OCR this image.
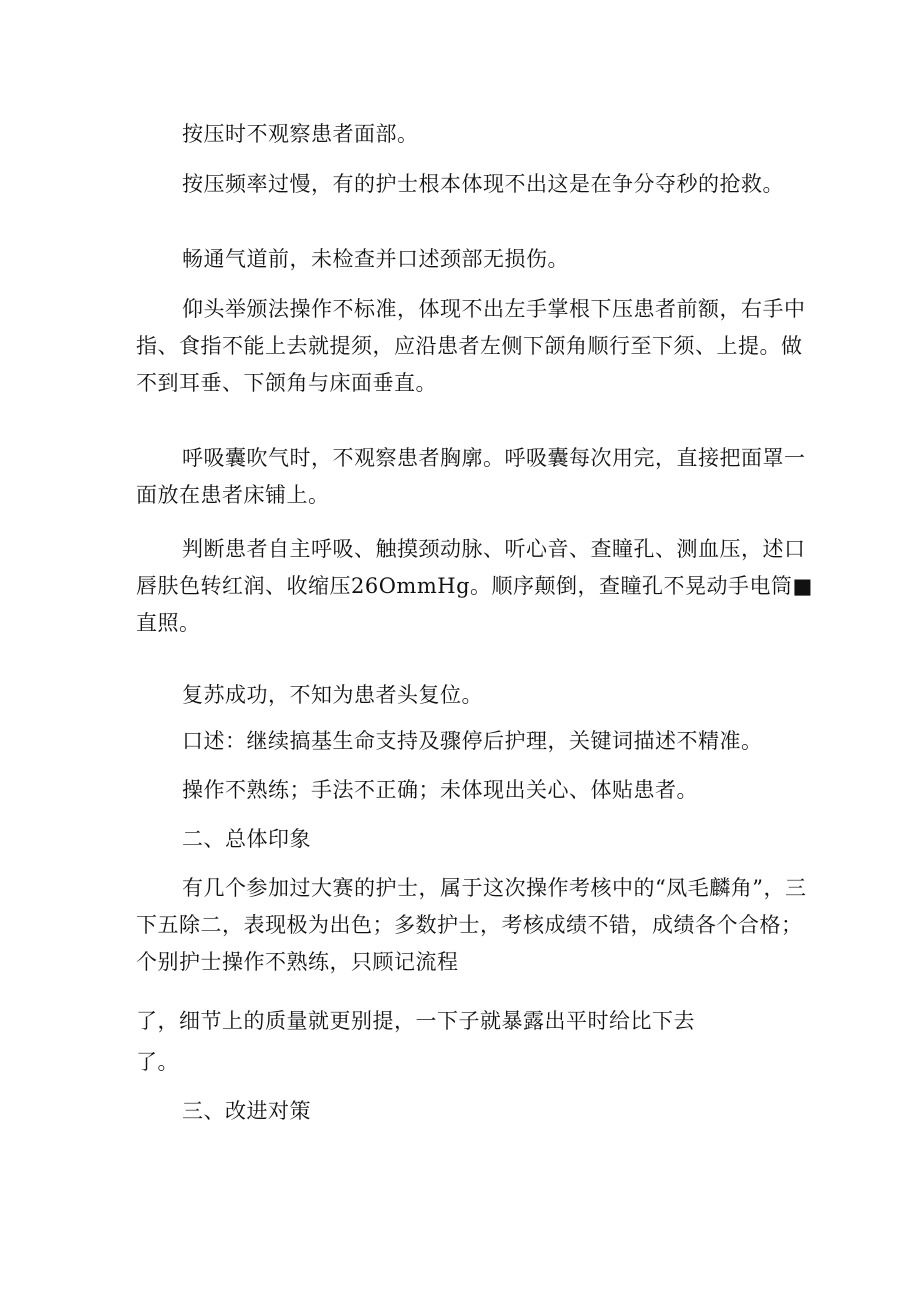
按压时不观察患者面部。

按压频率过慢，有的护士根本体现不出这是在争分夺秒的抢救。

畅通气道前，未检查并口述颈部无损伤。

仰头举颁法操作不标准，体现不出左手掌根下压患者前额，右手中指、食指不能上去就提须，应沿患者左侧下颌角顺行至下须、上提。做不到耳垂、下颌角与床面垂直。

呼吸囊吹气时，不观察患者胸廓。呼吸囊每次用完，直接把面罩一面放在患者床铺上。

判断患者自主呼吸、触摸颈动脉、听心音、查瞳孔、测血压，述口唇肤色转红润、收缩压26OmmHg。顺序颠倒，查瞳孔不晃动手电筒■直照。

复苏成功，不知为患者头复位。

口述：继续搞基生命支持及骤停后护理，关键词描述不精准。

操作不熟练；手法不正确；未体现出关心、体贴患者。

二、总体印象

有几个参加过大赛的护士，属于这次操作考核中的“凤毛麟角”，三下五除二，表现极为出色；多数护士，考核成绩不错，成绩各个合格；个别护士操作不熟练，只顾记流程

了，细节上的质量就更别提，一下子就暴露出平时给比下去

了。

三、改进对策
